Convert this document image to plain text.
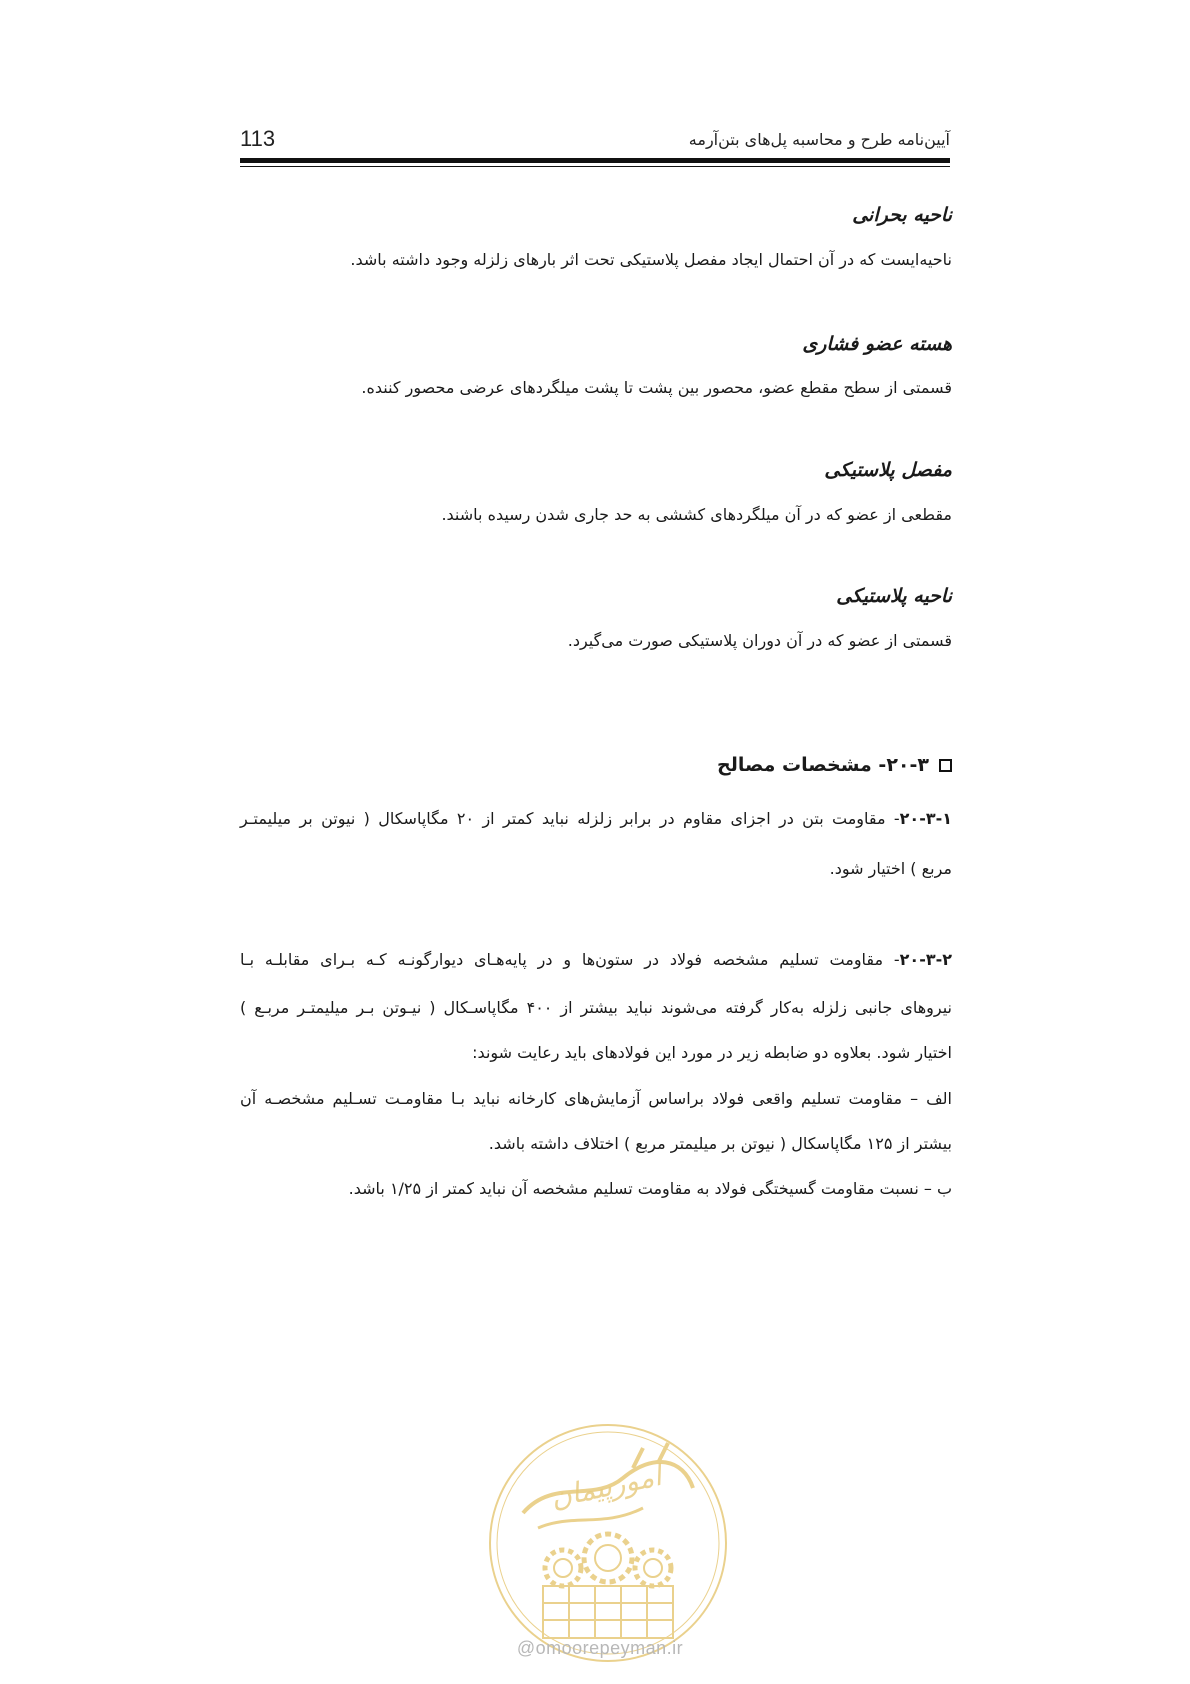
113	آیین‌نامه طرح و محاسبه پل‌های بتن‌آرمه
ناحیه بحرانی
ناحیه‌ایست که در آن احتمال ایجاد مفصل پلاستیکی تحت اثر بارهای زلزله وجود داشته باشد.
هسته عضو فشاری
قسمتی از سطح مقطع عضو، محصور بین پشت تا پشت میلگردهای عرضی محصور کننده.
مفصل پلاستیکی
مقطعی از عضو که در آن میلگردهای کششی به حد جاری شدن رسیده باشند.
ناحیه پلاستیکی
قسمتی از عضو که در آن دوران پلاستیکی صورت می‌گیرد.
۲۰-۳- مشخصات مصالح
۲۰-۳-۱- مقاومت بتن در اجزای مقاوم در برابر زلزله نباید کمتر از ۲۰ مگاپاسکال ( نیوتن بر میلیمتـر
مربع ) اختیار شود.
۲۰-۳-۲- مقاومت تسلیم مشخصه فولاد در ستون‌ها و در پایه‌هـای دیوارگونـه کـه بـرای مقابلـه بـا
نیروهای جانبی زلزله به‌کار گرفته می‌شوند نباید بیشتر از ۴۰۰ مگاپاسـکال ( نیـوتن بـر میلیمتـر مربـع )
اختیار شود. بعلاوه دو ضابطه زیر در مورد این فولادهای باید رعایت شوند:
الف – مقاومت تسلیم واقعی فولاد براساس آزمایش‌های کارخانه نباید بـا مقاومـت تسـلیم مشخصـه آن
بیشتر از ۱۲۵ مگاپاسکال ( نیوتن بر میلیمتر مربع ) اختلاف داشته باشد.
ب – نسبت مقاومت گسیختگی فولاد به مقاومت تسلیم مشخصه آن نباید کمتر از ۱/۲۵ باشد.
امورپیمان
@omoorepeyman.ir
